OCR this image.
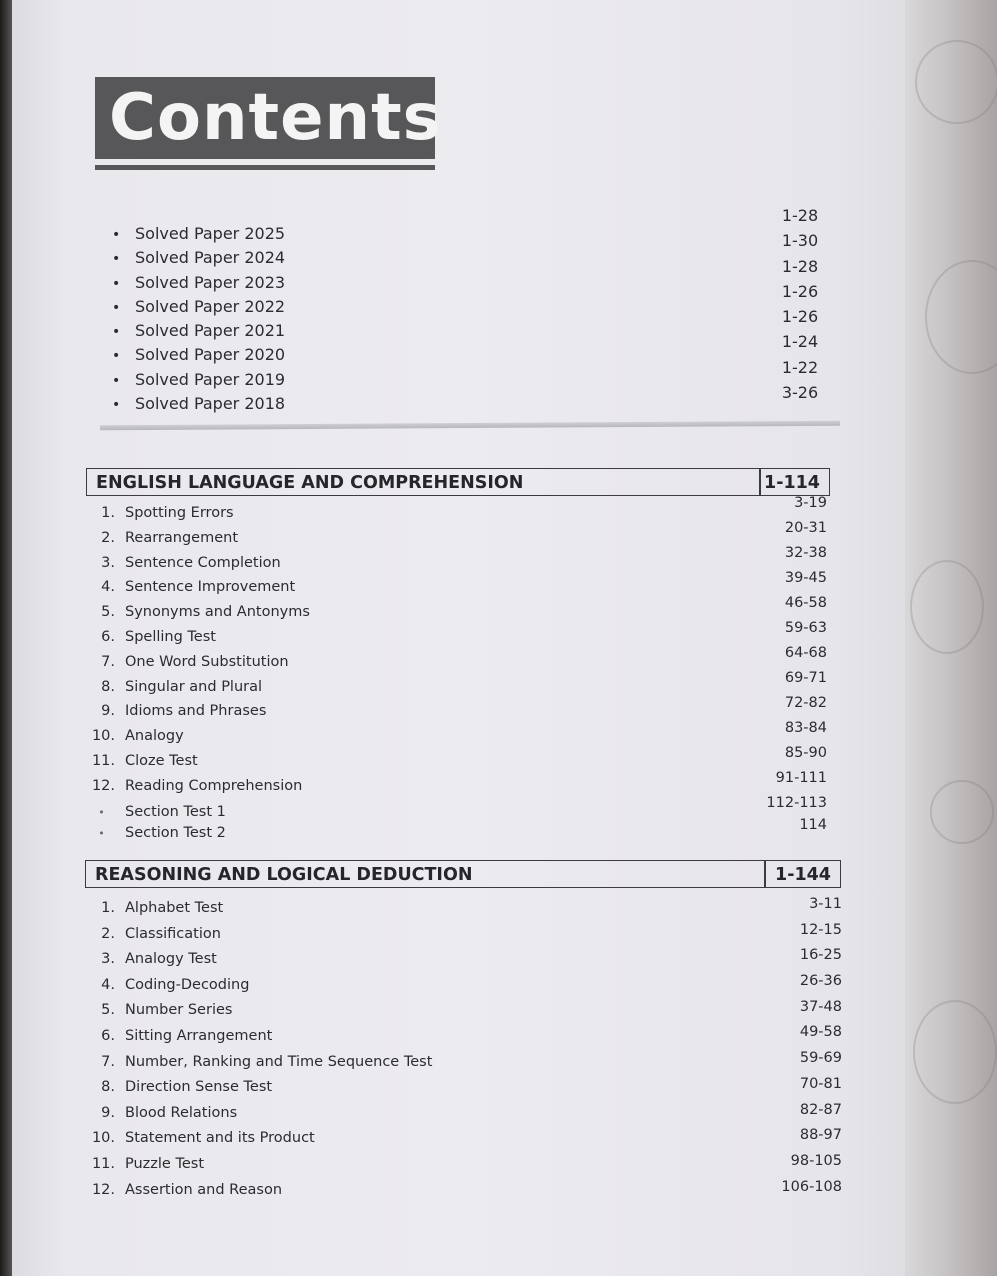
Contents
• Solved Paper 2025
• Solved Paper 2024
• Solved Paper 2023
• Solved Paper 2022
• Solved Paper 2021
• Solved Paper 2020
• Solved Paper 2019
• Solved Paper 2018
1-28
1-30
1-28
1-26
1-26
1-24
1-22
3-26
ENGLISH LANGUAGE AND COMPREHENSION	1-114
1. Spotting Errors
2. Rearrangement
3. Sentence Completion
4. Sentence Improvement
5. Synonyms and Antonyms
6. Spelling Test
7. One Word Substitution
8. Singular and Plural
9. Idioms and Phrases
10. Analogy
11. Cloze Test
12. Reading Comprehension
• Section Test 1
• Section Test 2
3-19
20-31
32-38
39-45
46-58
59-63
64-68
69-71
72-82
83-84
85-90
91-111
112-113
114
REASONING AND LOGICAL DEDUCTION	1-144
1. Alphabet Test
2. Classification
3. Analogy Test
4. Coding-Decoding
5. Number Series
6. Sitting Arrangement
7. Number, Ranking and Time Sequence Test
8. Direction Sense Test
9. Blood Relations
10. Statement and its Product
11. Puzzle Test
12. Assertion and Reason
3-11
12-15
16-25
26-36
37-48
49-58
59-69
70-81
82-87
88-97
98-105
106-108
